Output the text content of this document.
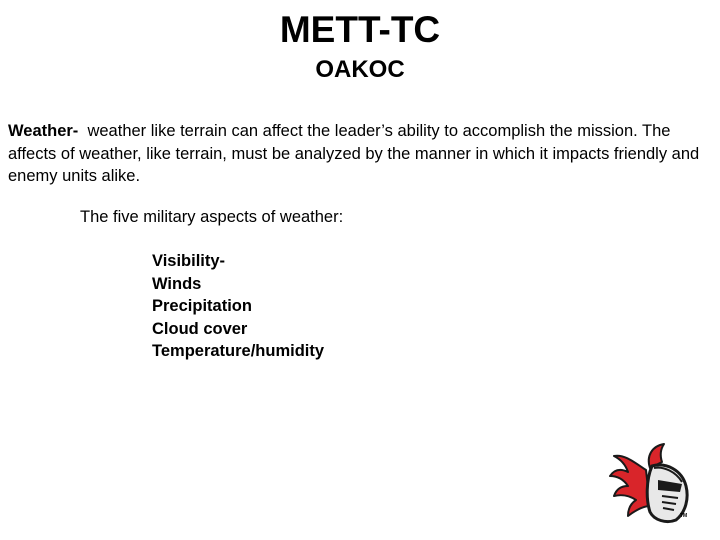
METT-TC
OAKOC

Weather- weather like terrain can affect the leader’s ability to accomplish the mission. The affects of weather, like terrain, must be analyzed by the manner in which it impacts friendly and enemy units alike.

The five military aspects of weather:
Visibility-
Winds
Precipitation
Cloud cover
Temperature/humidity
TM
